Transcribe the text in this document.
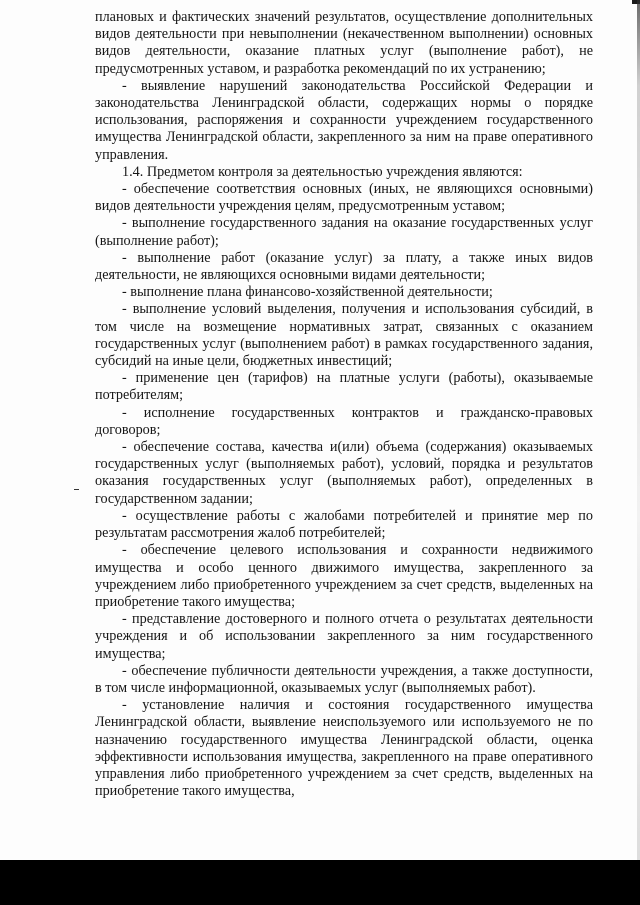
плановых и фактических значений результатов, осуществление дополнительных видов деятельности при невыполнении (некачественном выполнении) основных видов деятельности, оказание платных услуг (выполнение работ), не предусмотренных уставом, и разработка рекомендаций по их устранению;

- выявление нарушений законодательства Российской Федерации и законодательства Ленинградской области, содержащих нормы о порядке использования, распоряжения и сохранности учреждением государственного имущества Ленинградской области, закрепленного за ним на праве оперативного управления.

1.4. Предметом контроля за деятельностью учреждения являются:

- обеспечение соответствия основных (иных, не являющихся основными) видов деятельности учреждения целям, предусмотренным уставом;

- выполнение государственного задания на оказание государственных услуг (выполнение работ);

- выполнение работ (оказание услуг) за плату, а также иных видов деятельности, не являющихся основными видами деятельности;

- выполнение плана финансово-хозяйственной деятельности;

- выполнение условий выделения, получения и использования субсидий, в том числе на возмещение нормативных затрат, связанных с оказанием государственных услуг (выполнением работ) в рамках государственного задания, субсидий на иные цели, бюджетных инвестиций;

- применение цен (тарифов) на платные услуги (работы), оказываемые потребителям;

- исполнение государственных контрактов и гражданско-правовых договоров;

- обеспечение состава, качества и(или) объема (содержания) оказываемых государственных услуг (выполняемых работ), условий, порядка и результатов оказания государственных услуг (выполняемых работ), определенных в государственном задании;

- осуществление работы с жалобами потребителей и принятие мер по результатам рассмотрения жалоб потребителей;

- обеспечение целевого использования и сохранности недвижимого имущества и особо ценного движимого имущества, закрепленного за учреждением либо приобретенного учреждением за счет средств, выделенных на приобретение такого имущества;

- представление достоверного и полного отчета о результатах деятельности учреждения и об использовании закрепленного за ним государственного имущества;

- обеспечение публичности деятельности учреждения, а также доступности, в том числе информационной, оказываемых услуг (выполняемых работ).

- установление наличия и состояния государственного имущества Ленинградской области, выявление неиспользуемого или используемого не по назначению государственного имущества Ленинградской области, оценка эффективности использования имущества, закрепленного на праве оперативного управления либо приобретенного учреждением за счет средств, выделенных на приобретение такого имущества,
